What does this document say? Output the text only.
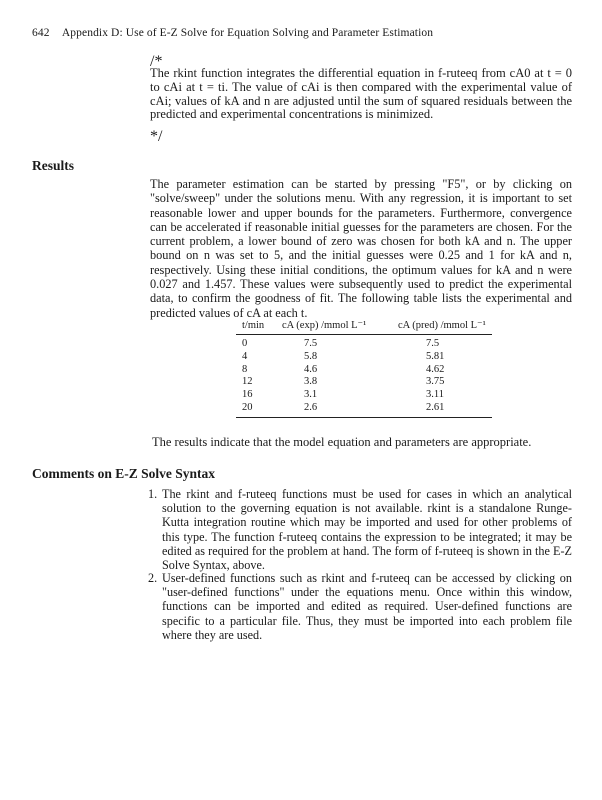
642 Appendix D: Use of E-Z Solve for Equation Solving and Parameter Estimation
/*
The rkint function integrates the differential equation in f-ruteeq from cA0 at t = 0 to cAi at t = ti. The value of cAi is then compared with the experimental value of cAi; values of kA and n are adjusted until the sum of squared residuals between the predicted and experimental concentrations is minimized.
*/
Results
The parameter estimation can be started by pressing "F5", or by clicking on "solve/sweep" under the solutions menu. With any regression, it is important to set reasonable lower and upper bounds for the parameters. Furthermore, convergence can be accelerated if reasonable initial guesses for the parameters are chosen. For the current problem, a lower bound of zero was chosen for both kA and n. The upper bound on n was set to 5, and the initial guesses were 0.25 and 1 for kA and n, respectively. Using these initial conditions, the optimum values for kA and n were 0.027 and 1.457. These values were subsequently used to predict the experimental data, to confirm the goodness of fit. The following table lists the experimental and predicted values of cA at each t.
t/min	cA (exp) /mmol L⁻¹	cA (pred) /mmol L⁻¹
0	7.5	7.5
4	5.8	5.81
8	4.6	4.62
12	3.8	3.75
16	3.1	3.11
20	2.6	2.61
The results indicate that the model equation and parameters are appropriate.
Comments on E-Z Solve Syntax
1. The rkint and f-ruteeq functions must be used for cases in which an analytical solution to the governing equation is not available. rkint is a standalone Runge-Kutta integration routine which may be imported and used for other problems of this type. The function f-ruteeq contains the expression to be integrated; it may be edited as required for the problem at hand. The form of f-ruteeq is shown in the E-Z Solve Syntax, above.
2. User-defined functions such as rkint and f-ruteeq can be accessed by clicking on "user-defined functions" under the equations menu. Once within this window, functions can be imported and edited as required. User-defined functions are specific to a particular file. Thus, they must be imported into each problem file where they are used.
